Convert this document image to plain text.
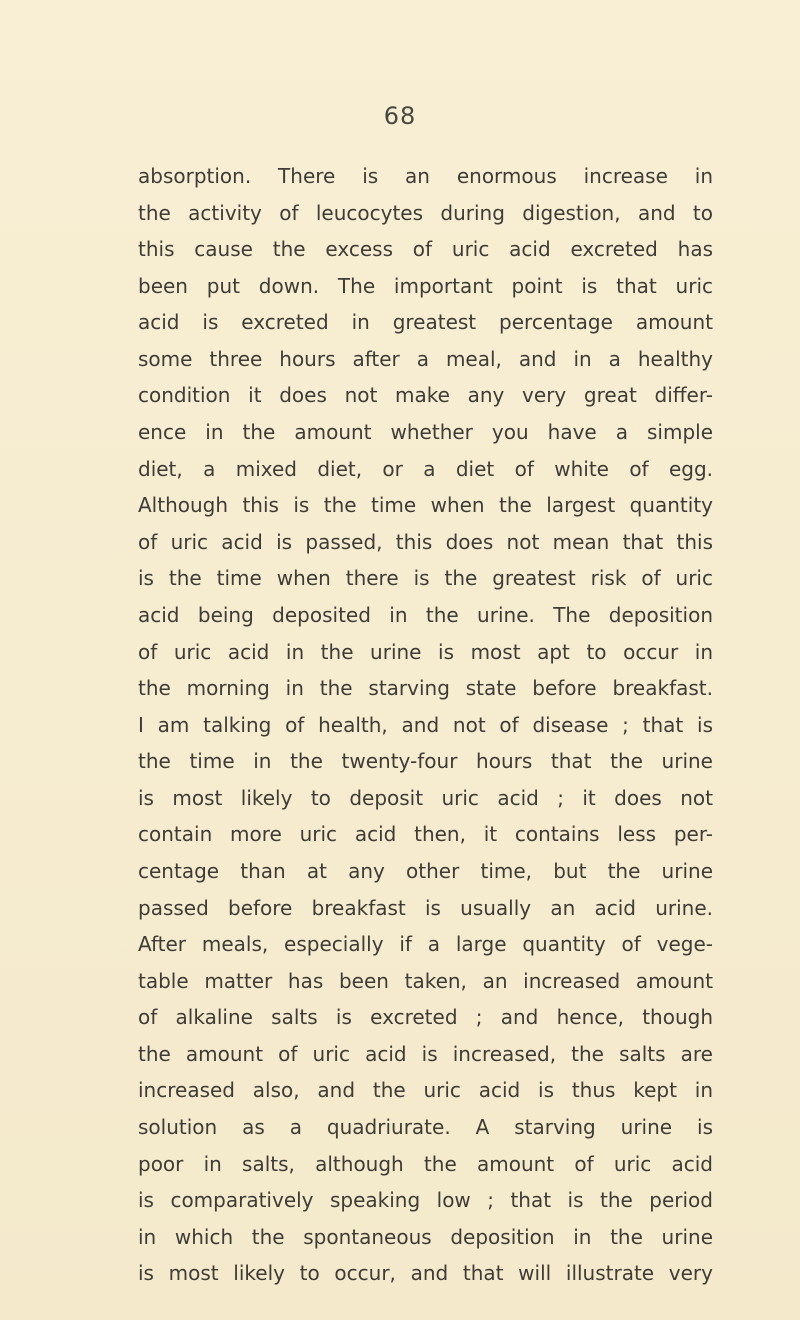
68
absorption. There is an enormous increase in
the activity of leucocytes during digestion, and to
this cause the excess of uric acid excreted has
been put down. The important point is that uric
acid is excreted in greatest percentage amount
some three hours after a meal, and in a healthy
condition it does not make any very great differ-
ence in the amount whether you have a simple
diet, a mixed diet, or a diet of white of egg.
Although this is the time when the largest quantity
of uric acid is passed, this does not mean that this
is the time when there is the greatest risk of uric
acid being deposited in the urine. The deposition
of uric acid in the urine is most apt to occur in
the morning in the starving state before breakfast.
I am talking of health, and not of disease ; that is
the time in the twenty-four hours that the urine
is most likely to deposit uric acid ; it does not
contain more uric acid then, it contains less per-
centage than at any other time, but the urine
passed before breakfast is usually an acid urine.
After meals, especially if a large quantity of vege-
table matter has been taken, an increased amount
of alkaline salts is excreted ; and hence, though
the amount of uric acid is increased, the salts are
increased also, and the uric acid is thus kept in
solution as a quadriurate. A starving urine is
poor in salts, although the amount of uric acid
is comparatively speaking low ; that is the period
in which the spontaneous deposition in the urine
is most likely to occur, and that will illustrate very
